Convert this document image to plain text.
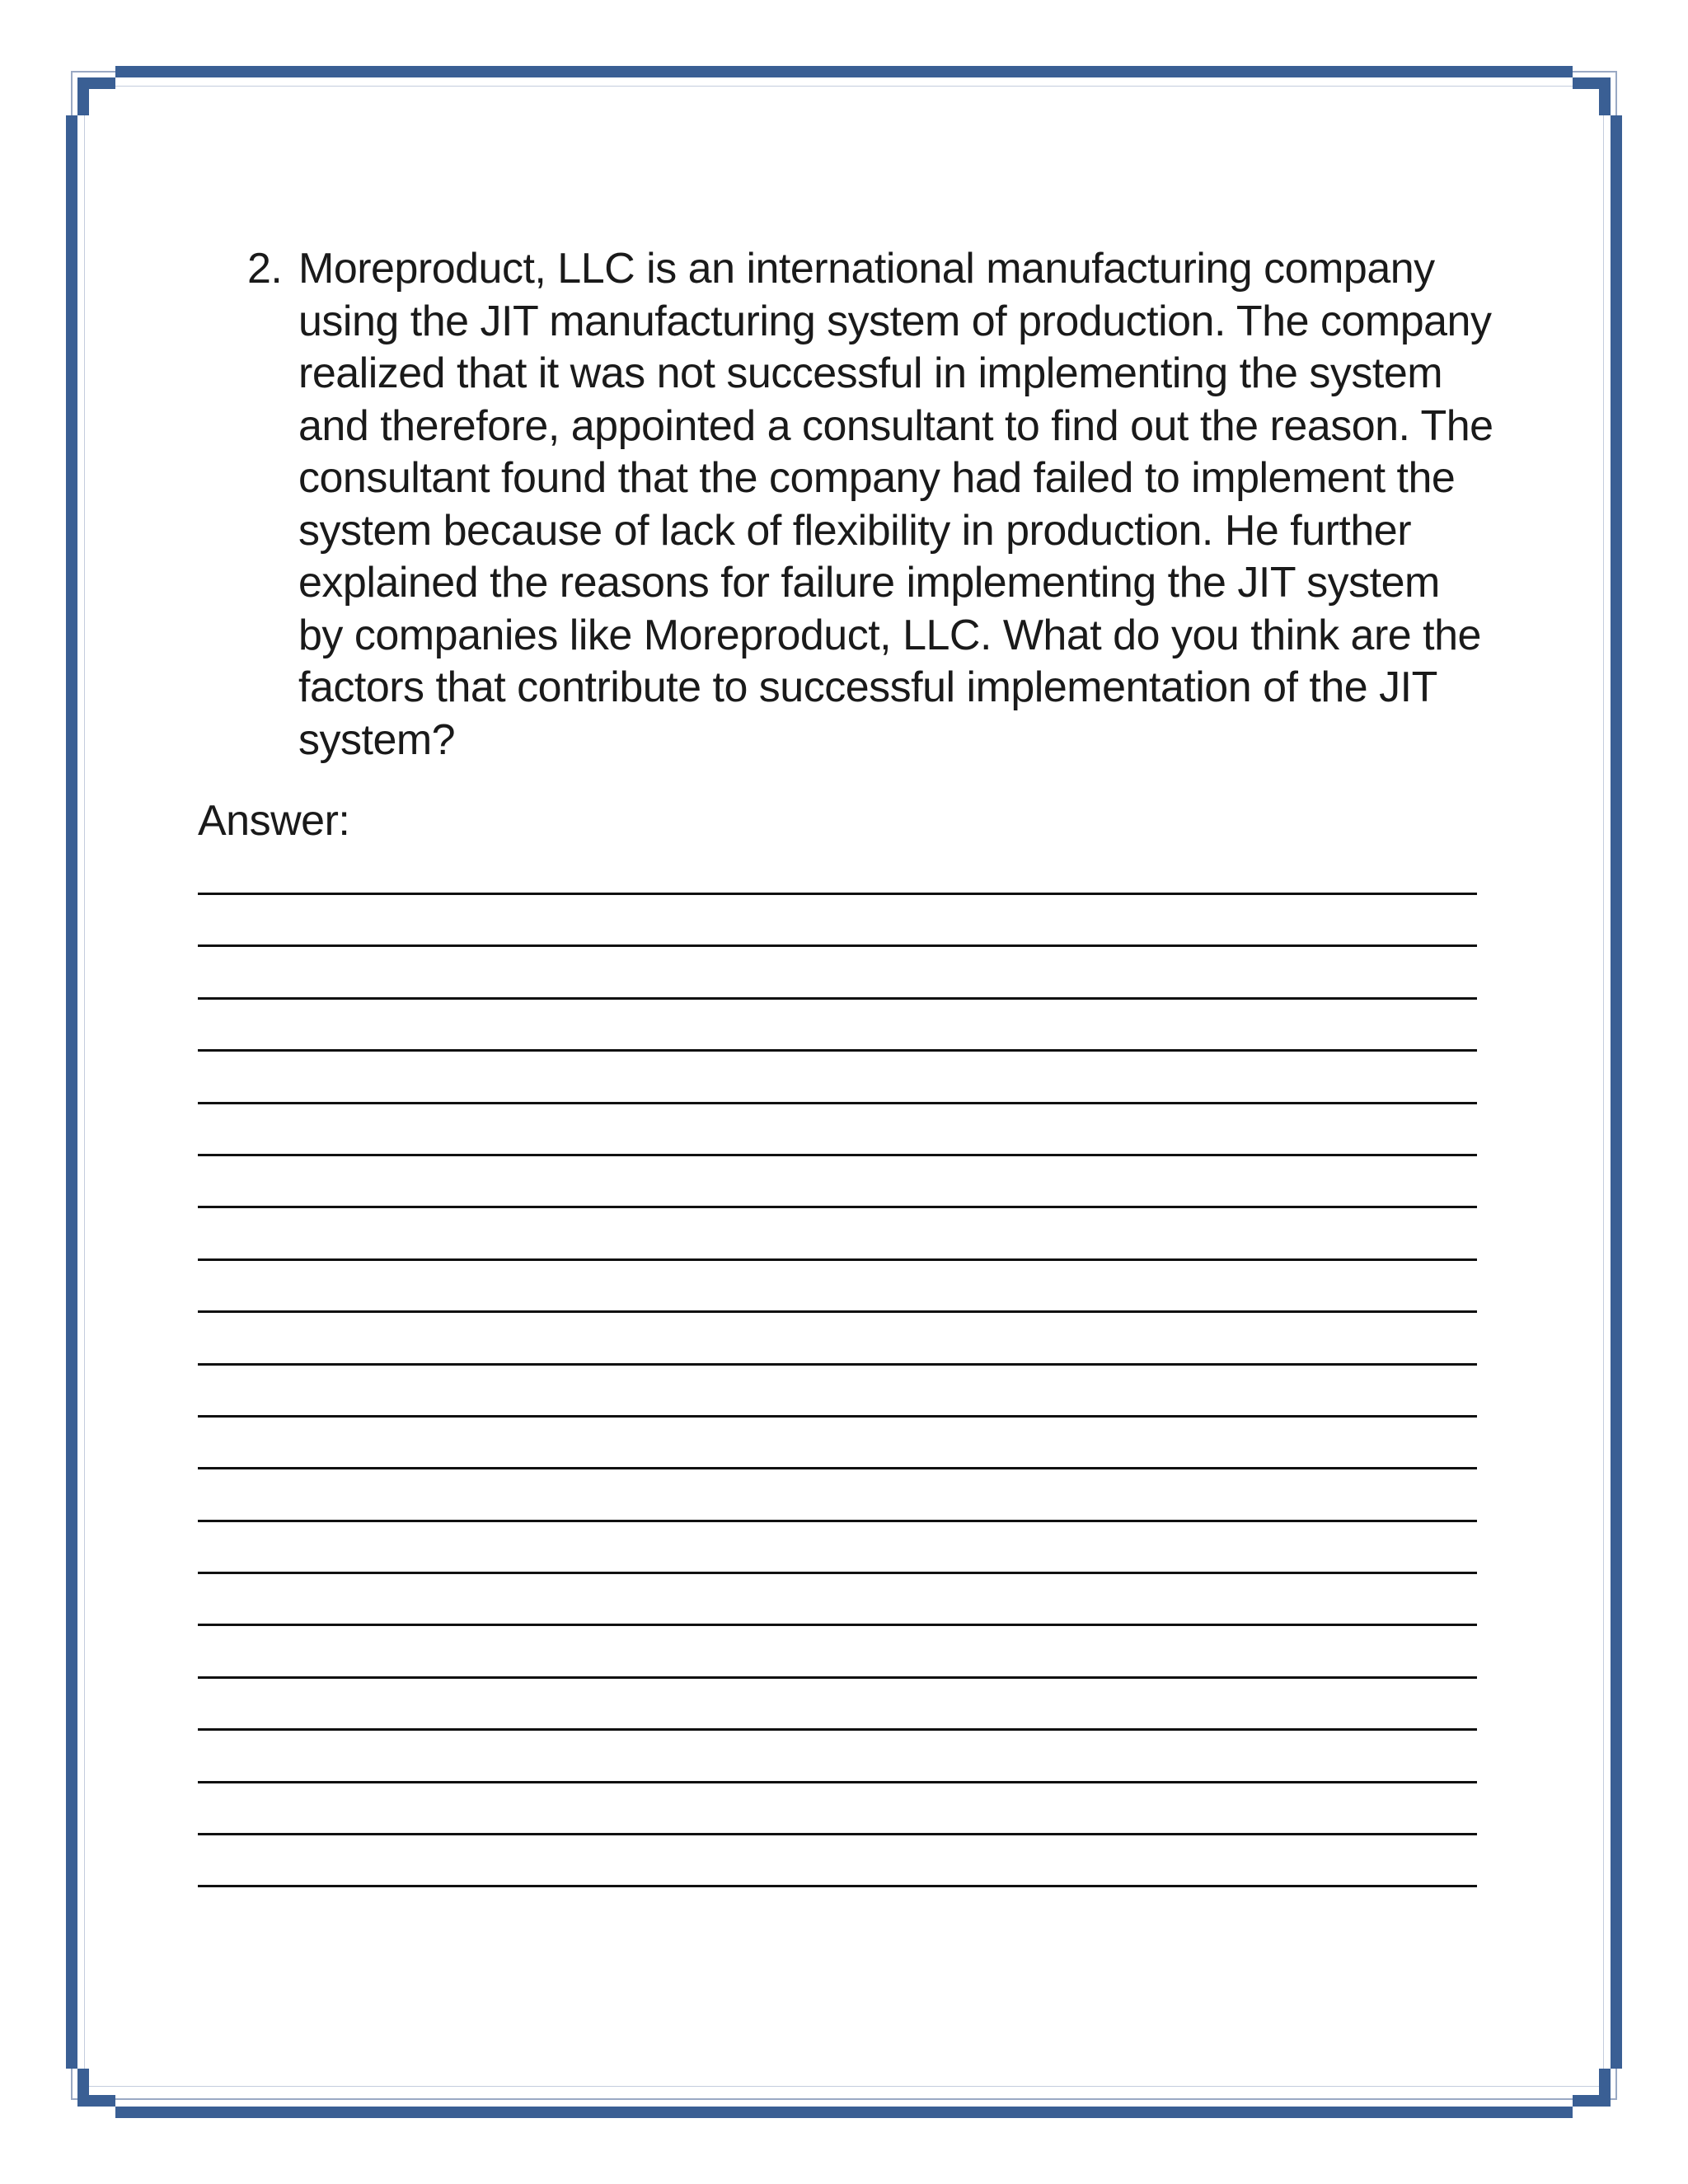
2. Moreproduct, LLC is an international manufacturing company
using the JIT manufacturing system of production. The company
realized that it was not successful in implementing the system
and therefore, appointed a consultant to find out the reason. The
consultant found that the company had failed to implement the
system because of lack of flexibility in production. He further
explained the reasons for failure implementing the JIT system
by companies like Moreproduct, LLC. What do you think are the
factors that contribute to successful implementation of the JIT
system?
Answer:
